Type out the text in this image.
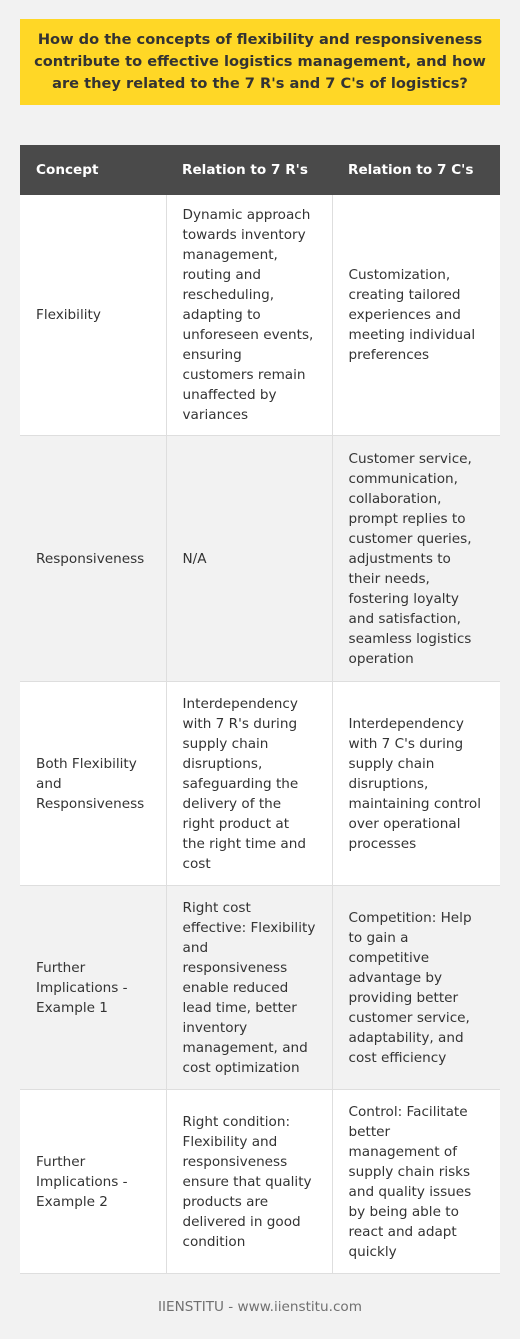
How do the concepts of flexibility and responsiveness contribute to effective logistics management, and how are they related to the 7 R's and 7 C's of logistics?
Concept	Relation to 7 R's	Relation to 7 C's
Flexibility	Dynamic approach towards inventory management, routing and rescheduling, adapting to unforeseen events, ensuring customers remain unaffected by variances	Customization, creating tailored experiences and meeting individual preferences
Responsiveness	N/A	Customer service, communication, collaboration, prompt replies to customer queries, adjustments to their needs, fostering loyalty and satisfaction, seamless logistics operation
Both Flexibility and Responsiveness	Interdependency with 7 R's during supply chain disruptions, safeguarding the delivery of the right product at the right time and cost	Interdependency with 7 C's during supply chain disruptions, maintaining control over operational processes
Further Implications - Example 1	Right cost effective: Flexibility and responsiveness enable reduced lead time, better inventory management, and cost optimization	Competition: Help to gain a competitive advantage by providing better customer service, adaptability, and cost efficiency
Further Implications - Example 2	Right condition: Flexibility and responsiveness ensure that quality products are delivered in good condition	Control: Facilitate better management of supply chain risks and quality issues by being able to react and adapt quickly
IIENSTITU - www.iienstitu.com
